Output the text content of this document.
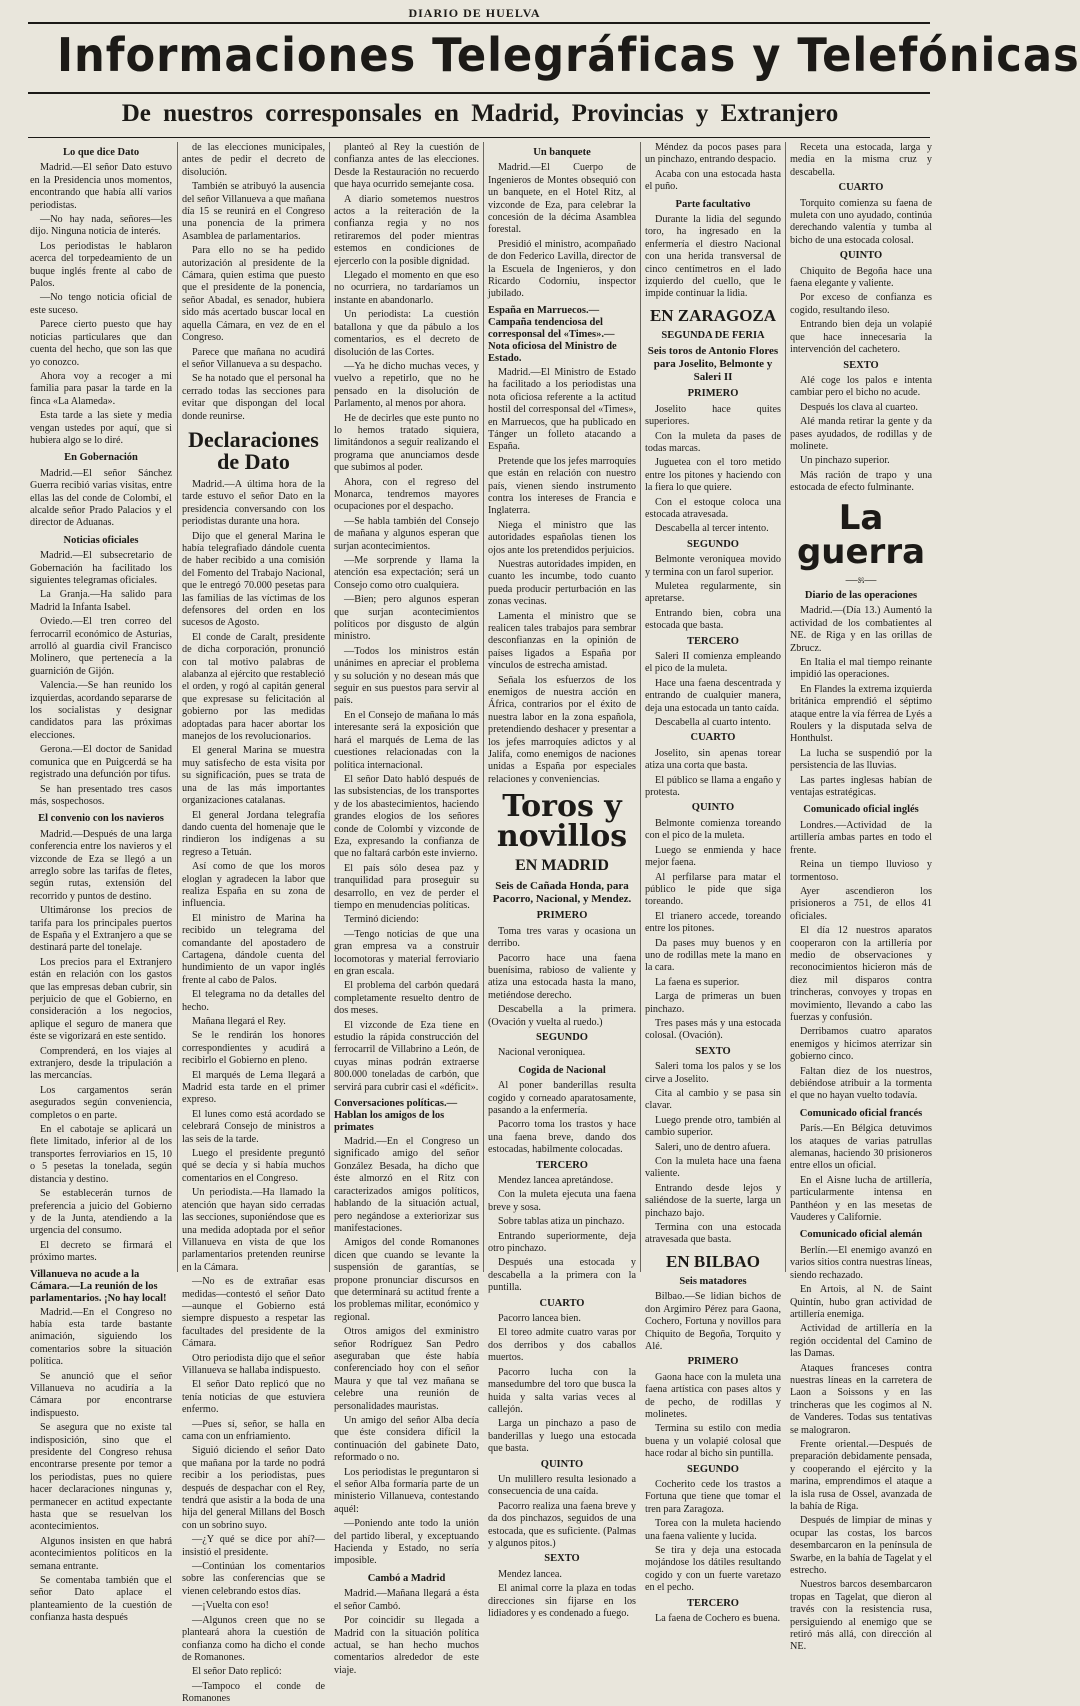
DIARIO DE HUELVA
Informaciones Telegráficas y Telefónicas
De nuestros corresponsales en Madrid, Provincias y Extranjero
Lo que dice Dato

Madrid.—El señor Dato estuvo en la Presidencia unos momentos, encontrando que había allí varios periodistas.

—No hay nada, señores—les dijo. Ninguna noticia de interés.

Los periodistas le hablaron acerca del torpedeamiento de un buque inglés frente al cabo de Palos.

—No tengo noticia oficial de este suceso.

Parece cierto puesto que hay noticias particulares que dan cuenta del hecho, que son las que yo conozco.

Ahora voy a recoger a mi familia para pasar la tarde en la finca «La Alameda».

Esta tarde a las siete y media vengan ustedes por aquí, que si hubiera algo se lo diré.

En Gobernación

Madrid.—El señor Sánchez Guerra recibió varias visitas, entre ellas las del conde de Colombí, el alcalde señor Prado Palacios y el director de Aduanas.

Noticias oficiales

Madrid.—El subsecretario de Gobernación ha facilitado los siguientes telegramas oficiales.

La Granja.—Ha salido para Madrid la Infanta Isabel.

Oviedo.—El tren correo del ferrocarril económico de Asturias, arrolló al guardia civil Francisco Molinero, que pertenecía a la guarnición de Gijón.

Valencia.—Se han reunido los izquierdas, acordando separarse de los socialistas y designar candidatos para las próximas elecciones.

Gerona.—El doctor de Sanidad comunica que en Puigcerdá se ha registrado una defunción por tifus.

Se han presentado tres casos más, sospechosos.

El convenio con los navieros

Madrid.—Después de una larga conferencia entre los navieros y el vizconde de Eza se llegó a un arreglo sobre las tarifas de fletes, según rutas, extensión del recorrido y puntos de destino.

Ultimáronse los precios de tarifa para los principales puertos de España y el Extranjero a que se destinará parte del tonelaje.

Los precios para el Extranjero están en relación con los gastos que las empresas deban cubrir, sin perjuicio de que el Gobierno, en consideración a los negocios, aplique el seguro de manera que éste se vigorizará en este sentido.

Comprenderá, en los viajes al extranjero, desde la tripulación a las mercancías.

Los cargamentos serán asegurados según conveniencia, completos o en parte.

En el cabotaje se aplicará un flete limitado, inferior al de los transportes ferroviarios en 15, 10 o 5 pesetas la tonelada, según distancia y destino.

Se establecerán turnos de preferencia a juicio del Gobierno y de la Junta, atendiendo a la urgencia del consumo.

El decreto se firmará el próximo martes.

Villanueva no acude a la Cámara.—La reunión de los parlamentarios. ¡No hay local!

Madrid.—En el Congreso no había esta tarde bastante animación, siguiendo los comentarios sobre la situación política.

Se anunció que el señor Villanueva no acudiría a la Cámara por encontrarse indispuesto.

Se asegura que no existe tal indisposición, sino que el presidente del Congreso rehusa encontrarse presente por temor a los periodistas, pues no quiere hacer declaraciones ningunas y, permanecer en actitud expectante hasta que se resuelvan los acontecimientos.

Algunos insisten en que habrá acontecimientos políticos en la semana entrante.

Se comentaba también que el señor Dato aplace el planteamiento de la cuestión de confianza hasta después

de las elecciones municipales, antes de pedir el decreto de disolución.

También se atribuyó la ausencia del señor Villanueva a que mañana día 15 se reunirá en el Congreso una ponencia de la primera Asamblea de parlamentarios.

Para ello no se ha pedido autorización al presidente de la Cámara, quien estima que puesto que el presidente de la ponencia, señor Abadal, es senador, hubiera sido más acertado buscar local en aquella Cámara, en vez de en el Congreso.

Parece que mañana no acudirá el señor Villanueva a su despacho.

Se ha notado que el personal ha cerrado todas las secciones para evitar que dispongan del local donde reunirse.

Declaraciones de Dato

Madrid.—A última hora de la tarde estuvo el señor Dato en la presidencia conversando con los periodistas durante una hora.

Dijo que el general Marina le había telegrafiado dándole cuenta de haber recibido a una comisión del Fomento del Trabajo Nacional, que le entregó 70.000 pesetas para las familias de las víctimas de los defensores del orden en los sucesos de Agosto.

El conde de Caralt, presidente de dicha corporación, pronunció con tal motivo palabras de alabanza al ejército que restableció el orden, y rogó al capitán general que expresase su felicitación al gobierno por las medidas adoptadas para hacer abortar los manejos de los revolucionarios.

El general Marina se muestra muy satisfecho de esta visita por su significación, pues se trata de una de las más importantes organizaciones catalanas.

El general Jordana telegrafía dando cuenta del homenaje que le rindieron los indígenas a su regreso a Tetuán.

Así como de que los moros eloglan y agradecen la labor que realiza España en su zona de influencia.

El ministro de Marina ha recibido un telegrama del comandante del apostadero de Cartagena, dándole cuenta del hundimiento de un vapor inglés frente al cabo de Palos.

El telegrama no da detalles del hecho.

Mañana llegará el Rey.

Se le rendirán los honores correspondientes y acudirá a recibirlo el Gobierno en pleno.

El marqués de Lema llegará a Madrid esta tarde en el primer expreso.

El lunes como está acordado se celebrará Consejo de ministros a las seis de la tarde.

Luego el presidente preguntó qué se decía y si había muchos comentarios en el Congreso.

Un periodista.—Ha llamado la atención que hayan sido cerradas las secciones, suponiéndose que es una medida adoptada por el señor Villanueva en vista de que los parlamentarios pretenden reunirse en la Cámara.

—No es de extrañar esas medidas—contestó el señor Dato—aunque el Gobierno está siempre dispuesto a respetar las facultades del presidente de la Cámara.

Otro periodista dijo que el señor Villanueva se hallaba indispuesto.

El señor Dato replicó que no tenía noticias de que estuviera enfermo.

—Pues sí, señor, se halla en cama con un enfriamiento.

Siguió diciendo el señor Dato que mañana por la tarde no podrá recibir a los periodistas, pues después de despachar con el Rey, tendrá que asistir a la boda de una hija del general Millans del Bosch con un sobrino suyo.

—¿Y qué se dice por ahí?—insistió el presidente.

—Continúan los comentarios sobre las conferencias que se vienen celebrando estos días.

—¡Vuelta con eso!

—Algunos creen que no se planteará ahora la cuestión de confianza como ha dicho el conde de Romanones.

El señor Dato replicó:

—Tampoco el conde de Romanones

planteó al Rey la cuestión de confianza antes de las elecciones. Desde la Restauración no recuerdo que haya ocurrido semejante cosa.

A diario sometemos nuestros actos a la reiteración de la confianza regia y no nos retiraremos del poder mientras estemos en condiciones de ejercerlo con la posible dignidad.

Llegado el momento en que eso no ocurriera, no tardaríamos un instante en abandonarlo.

Un periodista: La cuestión batallona y que da pábulo a los comentarios, es el decreto de disolución de las Cortes.

—Ya he dicho muchas veces, y vuelvo a repetirlo, que no he pensado en la disolución de Parlamento, al menos por ahora.

He de decirles que este punto no lo hemos tratado siquiera, limitándonos a seguir realizando el programa que anunciamos desde que subimos al poder.

Ahora, con el regreso del Monarca, tendremos mayores ocupaciones por el despacho.

—Se habla también del Consejo de mañana y algunos esperan que surjan acontecimientos.

—Me sorprende y llama la atención esa expectación; será un Consejo como otro cualquiera.

—Bien; pero algunos esperan que surjan acontecimientos políticos por disgusto de algún ministro.

—Todos los ministros están unánimes en apreciar el problema y su solución y no desean más que seguir en sus puestos para servir al país.

En el Consejo de mañana lo más interesante será la exposición que hará el marqués de Lema de las cuestiones relacionadas con la política internacional.

El señor Dato habló después de las subsistencias, de los transportes y de los abastecimientos, haciendo grandes elogios de los señores conde de Colombí y vizconde de Eza, expresando la confianza de que no faltará carbón este invierno.

El país sólo desea paz y tranquilidad para proseguir su desarrollo, en vez de perder el tiempo en menudencias políticas.

Terminó diciendo:

—Tengo noticias de que una gran empresa va a construir locomotoras y material ferroviario en gran escala.

El problema del carbón quedará completamente resuelto dentro de dos meses.

El vizconde de Eza tiene en estudio la rápida construcción del ferrocarril de Villabrino a León, de cuyas minas podrán extraerse 800.000 toneladas de carbón, que servirá para cubrir casi el «déficit».

Conversaciones políticas.—Hablan los amigos de los primates

Madrid.—En el Congreso un significado amigo del señor González Besada, ha dicho que éste almorzó en el Ritz con caracterizados amigos políticos, hablando de la situación actual, pero negándose a exteriorizar sus manifestaciones.

Amigos del conde Romanones dicen que cuando se levante la suspensión de garantías, se propone pronunciar discursos en que determinará su actitud frente a los problemas militar, económico y regional.

Otros amigos del exministro señor Rodríguez San Pedro aseguraban que éste había conferenciado hoy con el señor Maura y que tal vez mañana se celebre una reunión de personalidades mauristas.

Un amigo del señor Alba decía que éste considera difícil la continuación del gabinete Dato, reformado o no.

Los periodistas le preguntaron si el señor Alba formaría parte de un ministerio Villanueva, contestando aquél:

—Poniendo ante todo la unión del partido liberal, y exceptuando Hacienda y Estado, no sería imposible.

Cambó a Madrid

Madrid.—Mañana llegará a ésta el señor Cambó.

Por coincidir su llegada a Madrid con la situación política actual, se han hecho muchos comentarios alrededor de este viaje.

Un banquete

Madrid.—El Cuerpo de Ingenieros de Montes obsequió con un banquete, en el Hotel Ritz, al vizconde de Eza, para celebrar la concesión de la décima Asamblea forestal.

Presidió el ministro, acompañado de don Federico Lavilla, director de la Escuela de Ingenieros, y don Ricardo Codorniu, inspector jubilado.

España en Marruecos.—Campaña tendenciosa del corresponsal del «Times».—Nota oficiosa del Ministro de Estado.

Madrid.—El Ministro de Estado ha facilitado a los periodistas una nota oficiosa referente a la actitud hostil del corresponsal del «Times», en Marruecos, que ha publicado en Tánger un folleto atacando a España.

Pretende que los jefes marroquíes que están en relación con nuestro país, vienen siendo instrumento contra los intereses de Francia e Inglaterra.

Niega el ministro que las autoridades españolas tienen los ojos ante los pretendidos perjuicios.

Nuestras autoridades impiden, en cuanto les incumbe, todo cuanto pueda producir perturbación en las zonas vecinas.

Lamenta el ministro que se realicen tales trabajos para sembrar desconfianzas en la opinión de países ligados a España por vínculos de estrecha amistad.

Señala los esfuerzos de los enemigos de nuestra acción en África, contrarios por el éxito de nuestra labor en la zona española, pretendiendo deshacer y presentar a los jefes marroquíes adictos y al Jalifa, como enemigos de naciones unidas a España por especiales relaciones y conveniencias.

Toros y novillos
EN MADRID
Seis de Cañada Honda, para Pacorro, Nacional, y Mendez.
PRIMERO

Toma tres varas y ocasiona un derribo.

Pacorro hace una faena buenísima, rabioso de valiente y atiza una estocada hasta la mano, metiéndose derecho.

Descabella a la primera. (Ovación y vuelta al ruedo.)

SEGUNDO

Nacional veroniquea.

Cogida de Nacional

Al poner banderillas resulta cogido y corneado aparatosamente, pasando a la enfermería.

Pacorro toma los trastos y hace una faena breve, dando dos estocadas, habilmente colocadas.

TERCERO

Mendez lancea apretándose.

Con la muleta ejecuta una faena breve y sosa.

Sobre tablas atiza un pinchazo.

Entrando superiormente, deja otro pinchazo.

Después una estocada y descabella a la primera con la puntilla.

CUARTO

Pacorro lancea bien.

El toreo admite cuatro varas por dos derribos y dos caballos muertos.

Pacorro lucha con la mansedumbre del toro que busca la huida y salta varias veces al callejón.

Larga un pinchazo a paso de banderillas y luego una estocada que basta.

QUINTO

Un mulillero resulta lesionado a consecuencia de una caída.

Pacorro realiza una faena breve y da dos pinchazos, seguidos de una estocada, que es suficiente. (Palmas y algunos pitos.)

SEXTO

Mendez lancea.

El animal corre la plaza en todas direcciones sin fijarse en los lidiadores y es condenado a fuego.

Méndez da pocos pases para un pinchazo, entrando despacio.

Acaba con una estocada hasta el puño.

Parte facultativo

Durante la lidia del segundo toro, ha ingresado en la enfermería el diestro Nacional con una herida transversal de cinco centímetros en el lado izquierdo del cuello, que le impide continuar la lidia.

EN ZARAGOZA
SEGUNDA DE FERIA
Seis toros de Antonio Flores para Joselito, Belmonte y Saleri II
PRIMERO

Joselito hace quites superiores.

Con la muleta da pases de todas marcas.

Juguetea con el toro metido entre los pitones y haciendo con la fiera lo que quiere.

Con el estoque coloca una estocada atravesada.

Descabella al tercer intento.

SEGUNDO

Belmonte veroniquea movido y termina con un farol superior.

Muletea regularmente, sin apretarse.

Entrando bien, cobra una estocada que basta.

TERCERO

Saleri II comienza empleando el pico de la muleta.

Hace una faena descentrada y entrando de cualquier manera, deja una estocada un tanto caída.

Descabella al cuarto intento.

CUARTO

Joselito, sin apenas torear atiza una corta que basta.

El público se llama a engaño y protesta.

QUINTO

Belmonte comienza toreando con el pico de la muleta.

Luego se enmienda y hace mejor faena.

Al perfilarse para matar el público le pide que siga toreando.

El trianero accede, toreando entre los pitones.

Da pases muy buenos y en uno de rodillas mete la mano en la cara.

La faena es superior.

Larga de primeras un buen pinchazo.

Tres pases más y una estocada colosal. (Ovación).

SEXTO

Saleri toma los palos y se los cirve a Joselito.

Cita al cambio y se pasa sin clavar.

Luego prende otro, también al cambio superior.

Saleri, uno de dentro afuera.

Con la muleta hace una faena valiente.

Entrando desde lejos y saliéndose de la suerte, larga un pinchazo bajo.

Termina con una estocada atravesada que basta.

EN BILBAO
Seis matadores

Bilbao.—Se lidian bichos de don Argimiro Pérez para Gaona, Cochero, Fortuna y novillos para Chiquito de Begoña, Torquito y Alé.

PRIMERO

Gaona hace con la muleta una faena artística con pases altos y de pecho, de rodillas y molinetes.

Termina su estilo con media buena y un volapié colosal que hace rodar al bicho sin puntilla.

SEGUNDO

Cocherito cede los trastos a Fortuna que tiene que tomar el tren para Zaragoza.

Torea con la muleta haciendo una faena valiente y lucida.

Se tira y deja una estocada mojándose los dátiles resultando cogido y con un fuerte varetazo en el pecho.

TERCERO

La faena de Cochero es buena.

Receta una estocada, larga y media en la misma cruz y descabella.

CUARTO

Torquito comienza su faena de muleta con uno ayudado, continúa derechando valentía y tumba al bicho de una estocada colosal.

QUINTO

Chiquito de Begoña hace una faena elegante y valiente.

Por exceso de confianza es cogido, resultando ileso.

Entrando bien deja un volapié que hace innecesaria la intervención del cachetero.

SEXTO

Alé coge los palos e intenta cambiar pero el bicho no acude.

Después los clava al cuarteo.

Alé manda retirar la gente y da pases ayudados, de rodillas y de molinete.

Un pinchazo superior.

Más ración de trapo y una estocada de efecto fulminante.

La guerra
—೫—
Diario de las operaciones

Madrid.—(Día 13.) Aumentó la actividad de los combatientes al NE. de Riga y en las orillas de Zbrucz.

En Italia el mal tiempo reinante impidió las operaciones.

En Flandes la extrema izquierda británica emprendió el séptimo ataque entre la vía férrea de Lyés a Roulers y la disputada selva de Honthulst.

La lucha se suspendió por la persistencia de las lluvias.

Las partes inglesas habían de ventajas estratégicas.

Comunicado oficial inglés

Londres.—Actividad de la artillería ambas partes en todo el frente.

Reina un tiempo lluvioso y tormentoso.

Ayer ascendieron los prisioneros a 751, de ellos 41 oficiales.

El día 12 nuestros aparatos cooperaron con la artillería por medio de observaciones y reconocimientos hicieron más de diez mil disparos contra trincheras, convoyes y tropas en movimiento, llevando a cabo las fuerzas y confusión.

Derribamos cuatro aparatos enemigos y hicimos aterrizar sin gobierno cinco.

Faltan diez de los nuestros, debiéndose atribuir a la tormenta el que no hayan vuelto todavía.

Comunicado oficial francés

París.—En Bélgica detuvimos los ataques de varias patrullas alemanas, haciendo 30 prisioneros entre ellos un oficial.

En el Aisne lucha de artillería, particularmente intensa en Panthéon y en las mesetas de Vauderes y Californie.

Comunicado oficial alemán

Berlín.—El enemigo avanzó en varios sitios contra nuestras líneas, siendo rechazado.

En Artois, al N. de Saint Quintín, hubo gran actividad de artillería enemiga.

Actividad de artillería en la región occidental del Camino de las Damas.

Ataques franceses contra nuestras líneas en la carretera de Laon a Soissons y en las trincheras que les cogimos al N. de Vanderes. Todas sus tentativas se malograron.

Frente oriental.—Después de preparación debidamente pensada, y cooperando el ejército y la marina, emprendimos el ataque a la isla rusa de Ossel, avanzada de la bahía de Riga.

Después de limpiar de minas y ocupar las costas, los barcos desembarcaron en la península de Swarbe, en la bahía de Tagelat y el estrecho.

Nuestros barcos desembarcaron tropas en Tagelat, que dieron al través con la resistencia rusa, persiguiendo al enemigo que se retiró más allá, con dirección al NE.
